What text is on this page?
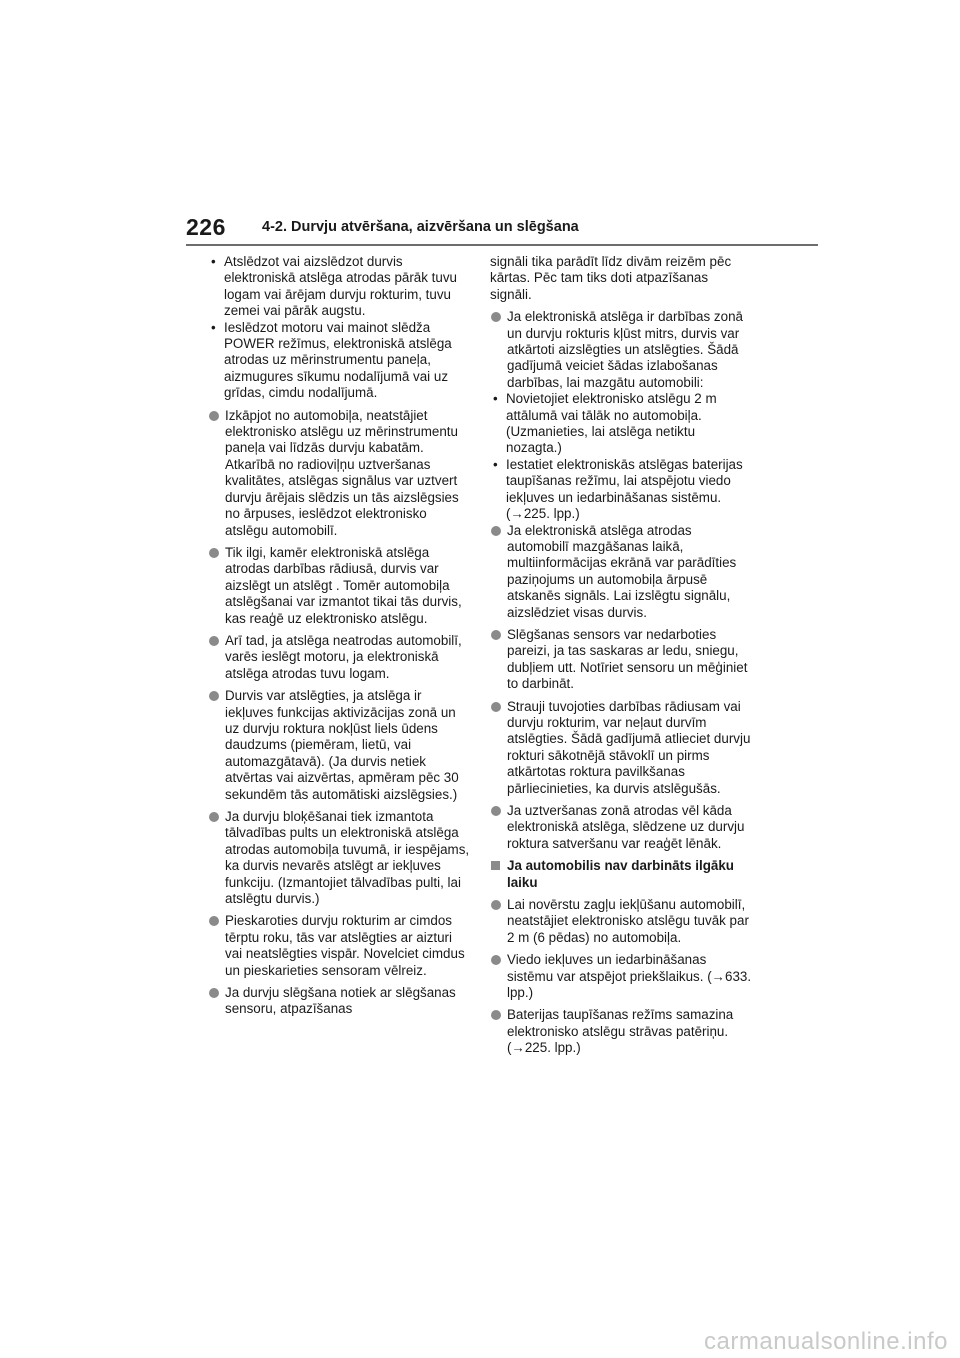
226 4-2. Durvju atvēršana, aizvēršana un slēgšana
• Atslēdzot vai aizslēdzot durvis elektroniskā atslēga atrodas pārāk tuvu logam vai ārējam durvju rokturim, tuvu zemei vai pārāk augstu.
• Ieslēdzot motoru vai mainot slēdža POWER režīmus, elektroniskā atslēga atrodas uz mērinstrumentu paneļa, aizmugures sīkumu nodalījumā vai uz grīdas, cimdu nodalījumā.
Izkāpjot no automobiļa, neatstājiet elektronisko atslēgu uz mērinstrumentu paneļa vai līdzās durvju kabatām. Atkarībā no radioviļņu uztveršanas kvalitātes, atslēgas signālus var uztvert durvju ārējais slēdzis un tās aizslēgsies no ārpuses, ieslēdzot elektronisko atslēgu automobilī.
Tik ilgi, kamēr elektroniskā atslēga atrodas darbības rādiusā, durvis var aizslēgt un atslēgt . Tomēr automobiļa atslēgšanai var izmantot tikai tās durvis, kas reaģē uz elektronisko atslēgu.
Arī tad, ja atslēga neatrodas automobilī, varēs ieslēgt motoru, ja elektroniskā atslēga atrodas tuvu logam.
Durvis var atslēgties, ja atslēga ir iekļuves funkcijas aktivizācijas zonā un uz durvju roktura nokļūst liels ūdens daudzums (piemēram, lietū, vai automazgātavā). (Ja durvis netiek atvērtas vai aizvērtas, apmēram pēc 30 sekundēm tās automātiski aizslēgsies.)
Ja durvju bloķēšanai tiek izmantota tālvadības pults un elektroniskā atslēga atrodas automobiļa tuvumā, ir iespējams, ka durvis nevarēs atslēgt ar iekļuves funkciju. (Izmantojiet tālvadības pulti, lai atslēgtu durvis.)
Pieskaroties durvju rokturim ar cimdos tērptu roku, tās var atslēgties ar aizturi vai neatslēgties vispār. Novelciet cimdus un pieskarieties sensoram vēlreiz.
Ja durvju slēgšana notiek ar slēgšanas sensoru, atpazīšanas
signāli tika parādīt līdz divām reizēm pēc kārtas. Pēc tam tiks doti atpazīšanas signāli.
Ja elektroniskā atslēga ir darbības zonā un durvju rokturis kļūst mitrs, durvis var atkārtoti aizslēgties un atslēgties. Šādā gadījumā veiciet šādas izlabošanas darbības, lai mazgātu automobili:
• Novietojiet elektronisko atslēgu 2 m attālumā vai tālāk no automobiļa. (Uzmanieties, lai atslēga netiktu nozagta.)
• Iestatiet elektroniskās atslēgas baterijas taupīšanas režīmu, lai atspējotu viedo iekļuves un iedarbināšanas sistēmu. (→225. lpp.)
Ja elektroniskā atslēga atrodas automobilī mazgāšanas laikā, multiinformācijas ekrānā var parādīties paziņojums un automobiļa ārpusē atskanēs signāls. Lai izslēgtu signālu, aizslēdziet visas durvis.
Slēgšanas sensors var nedarboties pareizi, ja tas saskaras ar ledu, sniegu, dubļiem utt. Notīriet sensoru un mēģiniet to darbināt.
Strauji tuvojoties darbības rādiusam vai durvju rokturim, var neļaut durvīm atslēgties. Šādā gadījumā atlieciet durvju rokturi sākotnējā stāvoklī un pirms atkārtotas roktura pavilkšanas pārliecinieties, ka durvis atslēgušās.
Ja uztveršanas zonā atrodas vēl kāda elektroniskā atslēga, slēdzene uz durvju roktura satveršanu var reaģēt lēnāk.
Ja automobilis nav darbināts ilgāku laiku
Lai novērstu zagļu iekļūšanu automobilī, neatstājiet elektronisko atslēgu tuvāk par 2 m (6 pēdas) no automobiļa.
Viedo iekļuves un iedarbināšanas sistēmu var atspējot priekšlaikus. (→633. lpp.)
Baterijas taupīšanas režīms samazina elektronisko atslēgu strāvas patēriņu. (→225. lpp.)
carmanualsonline.info
